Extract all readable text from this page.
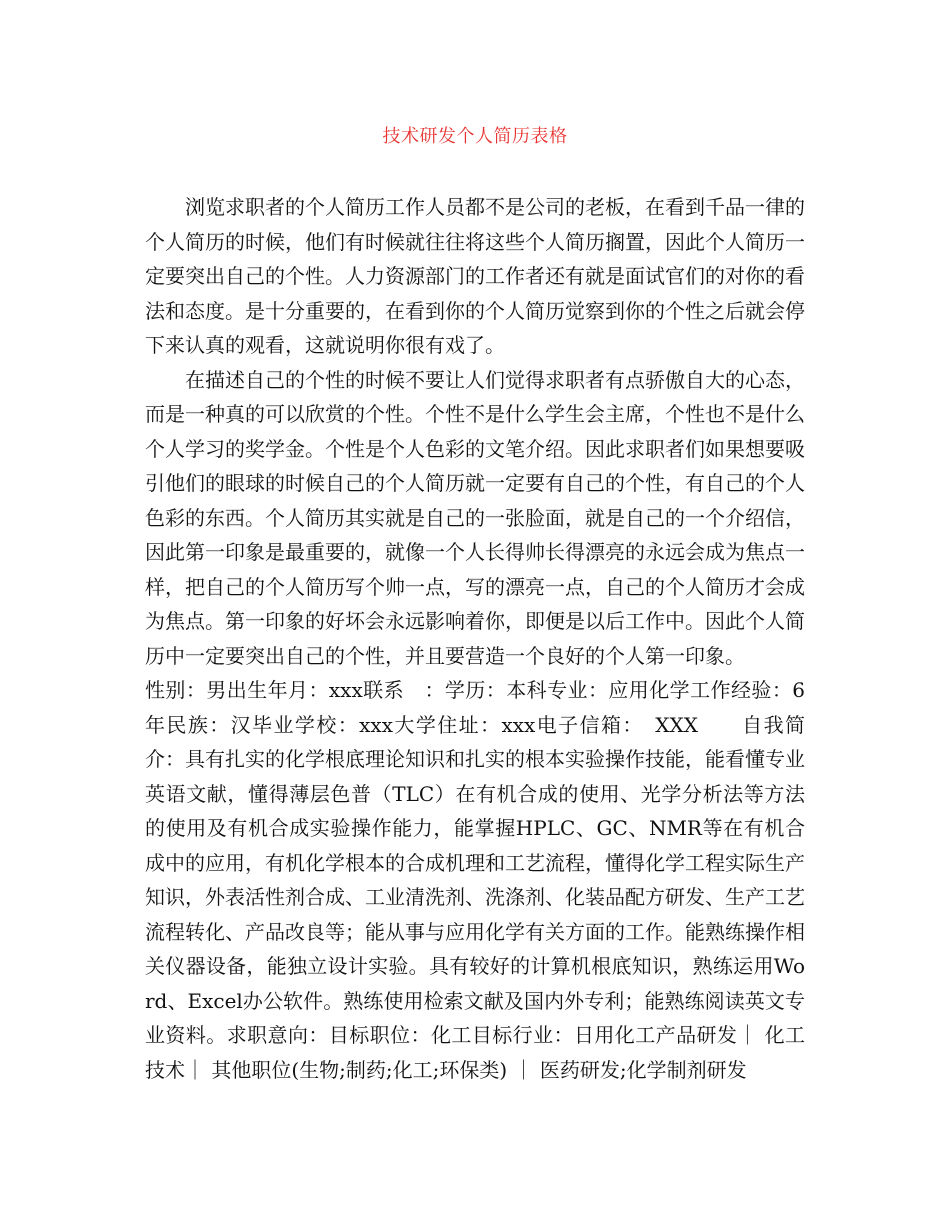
技术研发个人简历表格

浏览求职者的个人简历工作人员都不是公司的老板，在看到千品一律的个人简历的时候，他们有时候就往往将这些个人简历搁置，因此个人简历一定要突出自己的个性。人力资源部门的工作者还有就是面试官们的对你的看法和态度。是十分重要的，在看到你的个人简历觉察到你的个性之后就会停下来认真的观看，这就说明你很有戏了。

在描述自己的个性的时候不要让人们觉得求职者有点骄傲自大的心态，而是一种真的可以欣赏的个性。个性不是什么学生会主席，个性也不是什么个人学习的奖学金。个性是个人色彩的文笔介绍。因此求职者们如果想要吸引他们的眼球的时候自己的个人简历就一定要有自己的个性，有自己的个人色彩的东西。个人简历其实就是自己的一张脸面，就是自己的一个介绍信，因此第一印象是最重要的，就像一个人长得帅长得漂亮的永远会成为焦点一样，把自己的个人简历写个帅一点，写的漂亮一点，自己的个人简历才会成为焦点。第一印象的好坏会永远影响着你，即便是以后工作中。因此个人简历中一定要突出自己的个性，并且要营造一个良好的个人第一印象。

性别：男出生年月：xxx联系　：学历：本科专业：应用化学工作经验：6年民族：汉毕业学校：xxx大学住址：xxx电子信箱：　XXX　　自我简介：具有扎实的化学根底理论知识和扎实的根本实验操作技能，能看懂专业英语文献，懂得薄层色普（TLC）在有机合成的使用、光学分析法等方法的使用及有机合成实验操作能力，能掌握HPLC、GC、NMR等在有机合成中的应用，有机化学根本的合成机理和工艺流程，懂得化学工程实际生产知识，外表活性剂合成、工业清洗剂、洗涤剂、化装品配方研发、生产工艺流程转化、产品改良等；能从事与应用化学有关方面的工作。能熟练操作相关仪器设备，能独立设计实验。具有较好的计算机根底知识，熟练运用Word、Excel办公软件。熟练使用检索文献及国内外专利；能熟练阅读英文专业资料。求职意向：目标职位：化工目标行业：日用化工产品研发｜ 化工技术｜ 其他职位(生物;制药;化工;环保类) ｜ 医药研发;化学制剂研发
